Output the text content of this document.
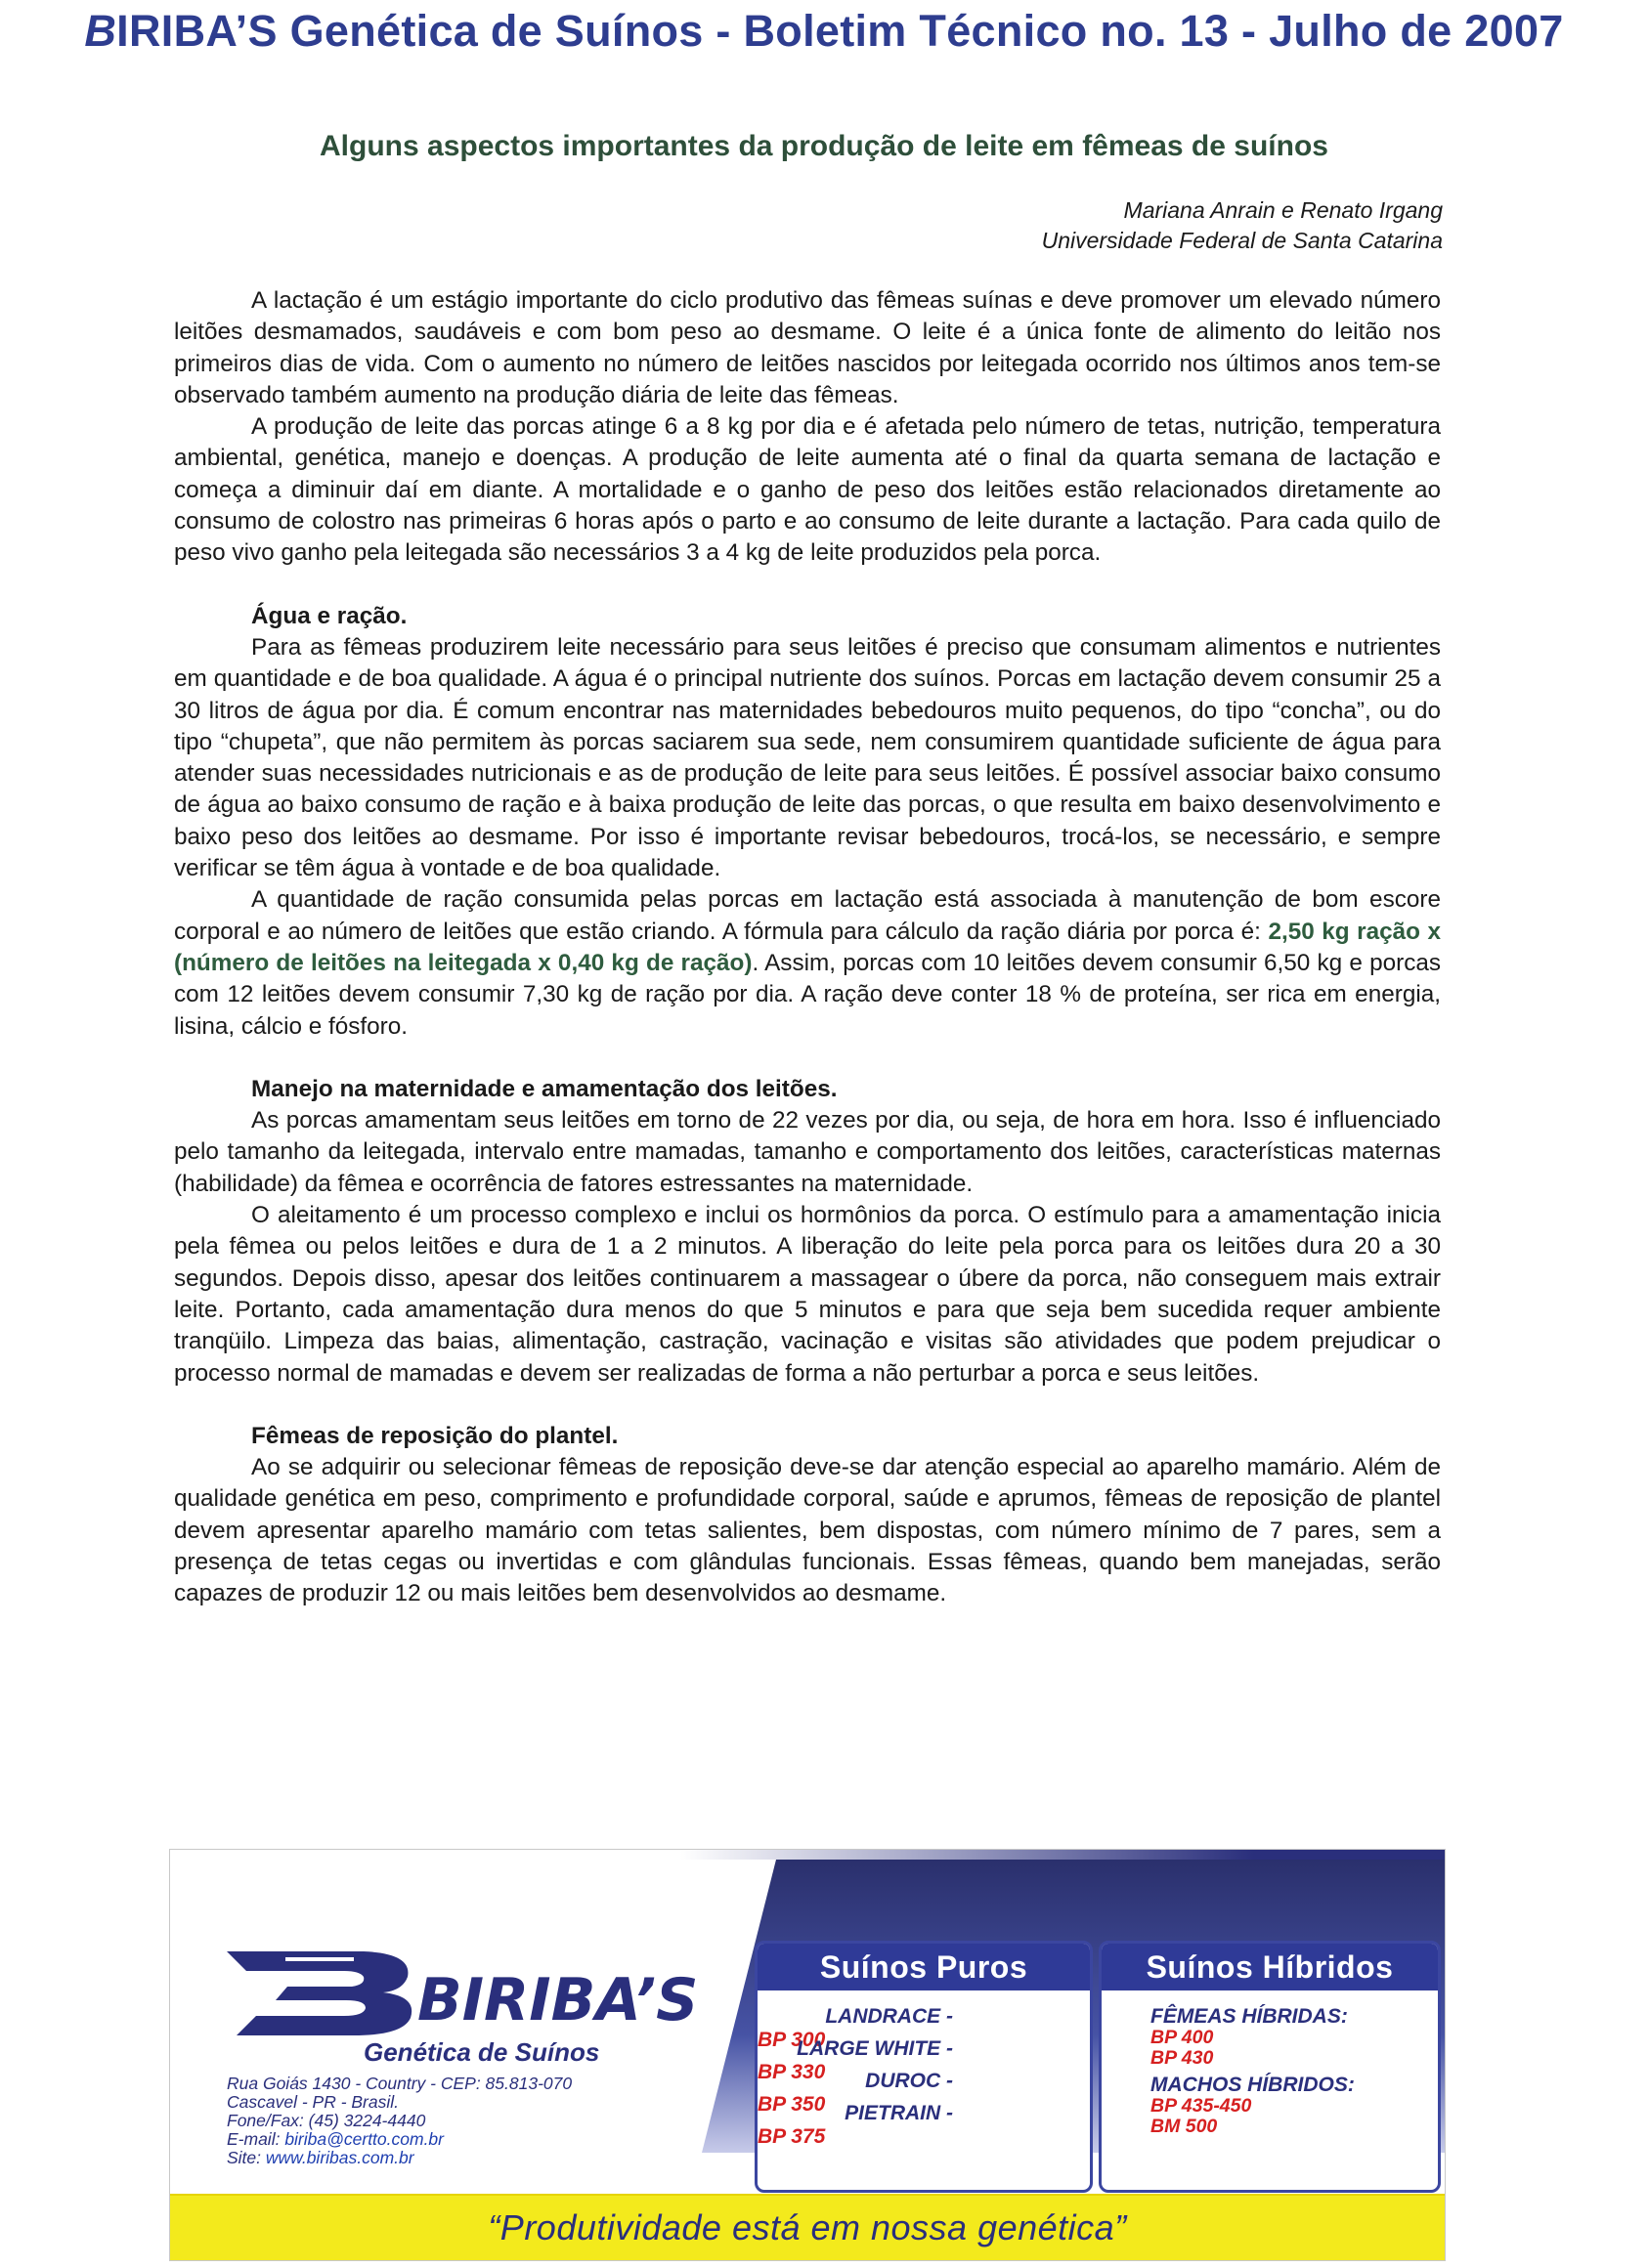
BIRIBA’S Genética de Suínos - Boletim Técnico no. 13 - Julho de 2007
Alguns aspectos importantes da produção de leite em fêmeas de suínos
Mariana Anrain e Renato Irgang
Universidade Federal de Santa Catarina

A lactação é um estágio importante do ciclo produtivo das fêmeas suínas e deve promover um elevado número leitões desmamados, saudáveis e com bom peso ao desmame. O leite é a única fonte de alimento do leitão nos primeiros dias de vida. Com o aumento no número de leitões nascidos por leitegada ocorrido nos últimos anos tem-se observado também aumento na produção diária de leite das fêmeas.

A produção de leite das porcas atinge 6 a 8 kg por dia e é afetada pelo número de tetas, nutrição, temperatura ambiental, genética, manejo e doenças. A produção de leite aumenta até o final da quarta semana de lactação e começa a diminuir daí em diante. A mortalidade e o ganho de peso dos leitões estão relacionados diretamente ao consumo de colostro nas primeiras 6 horas após o parto e ao consumo de leite durante a lactação. Para cada quilo de peso vivo ganho pela leitegada são necessários 3 a 4 kg de leite produzidos pela porca.

Água e ração.

Para as fêmeas produzirem leite necessário para seus leitões é preciso que consumam alimentos e nutrientes em quantidade e de boa qualidade. A água é o principal nutriente dos suínos. Porcas em lactação devem consumir 25 a 30 litros de água por dia. É comum encontrar nas maternidades bebedouros muito pequenos, do tipo “concha”, ou do tipo “chupeta”, que não permitem às porcas saciarem sua sede, nem consumirem quantidade suficiente de água para atender suas necessidades nutricionais e as de produção de leite para seus leitões. É possível associar baixo consumo de água ao baixo consumo de ração e à baixa produção de leite das porcas, o que resulta em baixo desenvolvimento e baixo peso dos leitões ao desmame. Por isso é importante revisar bebedouros, trocá-los, se necessário, e sempre verificar se têm água à vontade e de boa qualidade.

A quantidade de ração consumida pelas porcas em lactação está associada à manutenção de bom escore corporal e ao número de leitões que estão criando. A fórmula para cálculo da ração diária por porca é: 2,50 kg ração x (número de leitões na leitegada x 0,40 kg de ração). Assim, porcas com 10 leitões devem consumir 6,50 kg e porcas com 12 leitões devem consumir 7,30 kg de ração por dia. A ração deve conter 18 % de proteína, ser rica em energia, lisina, cálcio e fósforo.

Manejo na maternidade e amamentação dos leitões.

As porcas amamentam seus leitões em torno de 22 vezes por dia, ou seja, de hora em hora. Isso é influenciado pelo tamanho da leitegada, intervalo entre mamadas, tamanho e comportamento dos leitões, características maternas (habilidade) da fêmea e ocorrência de fatores estressantes na maternidade.

O aleitamento é um processo complexo e inclui os hormônios da porca. O estímulo para a amamentação inicia pela fêmea ou pelos leitões e dura de 1 a 2 minutos. A liberação do leite pela porca para os leitões dura 20 a 30 segundos. Depois disso, apesar dos leitões continuarem a massagear o úbere da porca, não conseguem mais extrair leite. Portanto, cada amamentação dura menos do que 5 minutos e para que seja bem sucedida requer ambiente tranqüilo. Limpeza das baias, alimentação, castração, vacinação e visitas são atividades que podem prejudicar o processo normal de mamadas e devem ser realizadas de forma a não perturbar a porca e seus leitões.

Fêmeas de reposição do plantel.

Ao se adquirir ou selecionar fêmeas de reposição deve-se dar atenção especial ao aparelho mamário. Além de qualidade genética em peso, comprimento e profundidade corporal, saúde e aprumos, fêmeas de reposição de plantel devem apresentar aparelho mamário com tetas salientes, bem dispostas, com número mínimo de 7 pares, sem a presença de tetas cegas ou invertidas e com glândulas funcionais. Essas fêmeas, quando bem manejadas, serão capazes de produzir 12 ou mais leitões bem desenvolvidos ao desmame.

BIRIBA’S
Genética de Suínos
Rua Goiás 1430 - Country - CEP: 85.813-070
Cascavel - PR - Brasil.
Fone/Fax: (45) 3224-4440
E-mail: biriba@certto.com.br
Site: www.biribas.com.br
Suínos Puros
LANDRACE - BP 300
LARGE WHITE - BP 330	DUROC - BP 350 PIETRAIN - BP 375
Suínos Híbridos
FÊMEAS HÍBRIDAS:
BP 400
BP 430
MACHOS HÍBRIDOS:
BP 435-450
BM 500
“Produtividade está em nossa genética”
